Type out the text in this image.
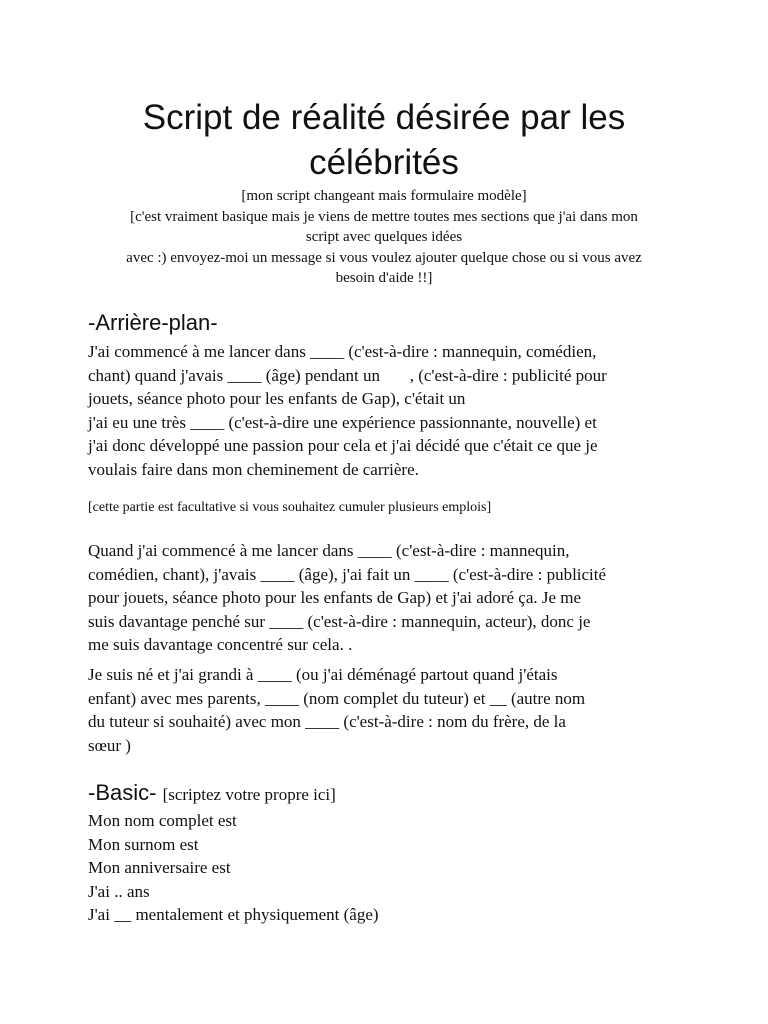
Script de réalité désirée par les
célébrités
[mon script changeant mais formulaire modèle]
[c'est vraiment basique mais je viens de mettre toutes mes sections que j'ai dans mon
script avec quelques idées
avec :) envoyez-moi un message si vous voulez ajouter quelque chose ou si vous avez
besoin d'aide !!]
-Arrière-plan-
J'ai commencé à me lancer dans ____ (c'est-à-dire : mannequin, comédien,
chant) quand j'avais ____ (âge) pendant un       , (c'est-à-dire : publicité pour
jouets, séance photo pour les enfants de Gap), c'était un
j'ai eu une très ____ (c'est-à-dire une expérience passionnante, nouvelle) et
j'ai donc développé une passion pour cela et j'ai décidé que c'était ce que je
voulais faire dans mon cheminement de carrière.
[cette partie est facultative si vous souhaitez cumuler plusieurs emplois]
Quand j'ai commencé à me lancer dans ____ (c'est-à-dire : mannequin,
comédien, chant), j'avais ____ (âge), j'ai fait un ____ (c'est-à-dire : publicité
pour jouets, séance photo pour les enfants de Gap) et j'ai adoré ça. Je me
suis davantage penché sur ____ (c'est-à-dire : mannequin, acteur), donc je
me suis davantage concentré sur cela. .
Je suis né et j'ai grandi à ____ (ou j'ai déménagé partout quand j'étais
enfant) avec mes parents, ____ (nom complet du tuteur) et __ (autre nom
du tuteur si souhaité) avec mon ____ (c'est-à-dire : nom du frère, de la
sœur )
-Basic- [scriptez votre propre ici]
Mon nom complet est
Mon surnom est
Mon anniversaire est
J'ai .. ans
J'ai __ mentalement et physiquement (âge)
